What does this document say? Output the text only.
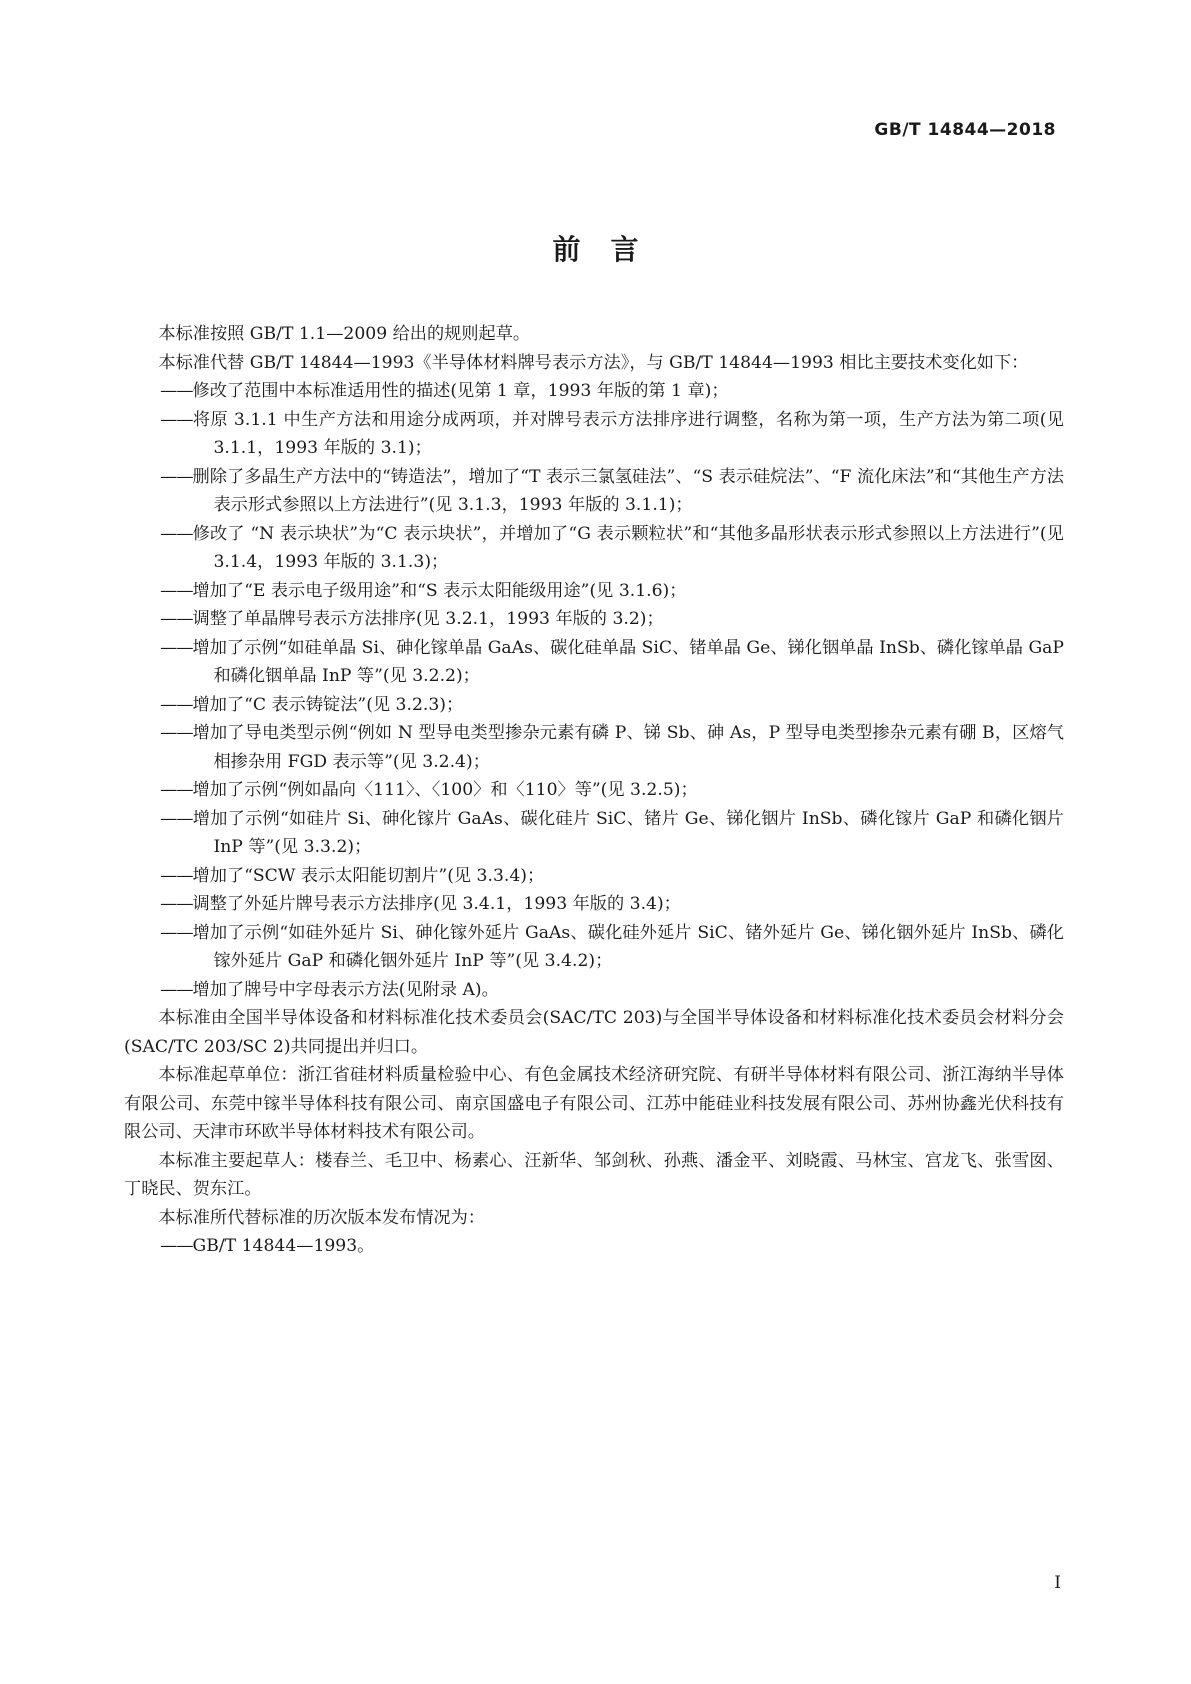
GB/T 14844—2018
前言

本标准按照 GB/T 1.1—2009 给出的规则起草。

本标准代替 GB/T 14844—1993《半导体材料牌号表示方法》，与 GB/T 14844—1993 相比主要技术变化如下：

——修改了范围中本标准适用性的描述(见第 1 章，1993 年版的第 1 章)；

——将原 3.1.1 中生产方法和用途分成两项，并对牌号表示方法排序进行调整，名称为第一项，生产方法为第二项(见 3.1.1，1993 年版的 3.1)；

——删除了多晶生产方法中的“铸造法”，增加了“T 表示三氯氢硅法”、“S 表示硅烷法”、“F 流化床法”和“其他生产方法表示形式参照以上方法进行”(见 3.1.3，1993 年版的 3.1.1)；

——修改了 “N 表示块状”为“C 表示块状”，并增加了“G 表示颗粒状”和“其他多晶形状表示形式参照以上方法进行”(见 3.1.4，1993 年版的 3.1.3)；

——增加了“E 表示电子级用途”和“S 表示太阳能级用途”(见 3.1.6)；

——调整了单晶牌号表示方法排序(见 3.2.1，1993 年版的 3.2)；

——增加了示例“如硅单晶 Si、砷化镓单晶 GaAs、碳化硅单晶 SiC、锗单晶 Ge、锑化铟单晶 InSb、磷化镓单晶 GaP 和磷化铟单晶 InP 等”(见 3.2.2)；

——增加了“C 表示铸锭法”(见 3.2.3)；

——增加了导电类型示例“例如 N 型导电类型掺杂元素有磷 P、锑 Sb、砷 As，P 型导电类型掺杂元素有硼 B，区熔气相掺杂用 FGD 表示等”(见 3.2.4)；

——增加了示例“例如晶向〈111〉、〈100〉和〈110〉等”(见 3.2.5)；

——增加了示例“如硅片 Si、砷化镓片 GaAs、碳化硅片 SiC、锗片 Ge、锑化铟片 InSb、磷化镓片 GaP 和磷化铟片 InP 等”(见 3.3.2)；

——增加了“SCW 表示太阳能切割片”(见 3.3.4)；

——调整了外延片牌号表示方法排序(见 3.4.1，1993 年版的 3.4)；

——增加了示例“如硅外延片 Si、砷化镓外延片 GaAs、碳化硅外延片 SiC、锗外延片 Ge、锑化铟外延片 InSb、磷化镓外延片 GaP 和磷化铟外延片 InP 等”(见 3.4.2)；

——增加了牌号中字母表示方法(见附录 A)。

本标准由全国半导体设备和材料标准化技术委员会(SAC/TC 203)与全国半导体设备和材料标准化技术委员会材料分会(SAC/TC 203/SC 2)共同提出并归口。

本标准起草单位：浙江省硅材料质量检验中心、有色金属技术经济研究院、有研半导体材料有限公司、浙江海纳半导体有限公司、东莞中镓半导体科技有限公司、南京国盛电子有限公司、江苏中能硅业科技发展有限公司、苏州协鑫光伏科技有限公司、天津市环欧半导体材料技术有限公司。

本标准主要起草人：楼春兰、毛卫中、杨素心、汪新华、邹剑秋、孙燕、潘金平、刘晓霞、马林宝、宫龙飞、张雪囡、丁晓民、贺东江。

本标准所代替标准的历次版本发布情况为：

——GB/T 14844—1993。

I
